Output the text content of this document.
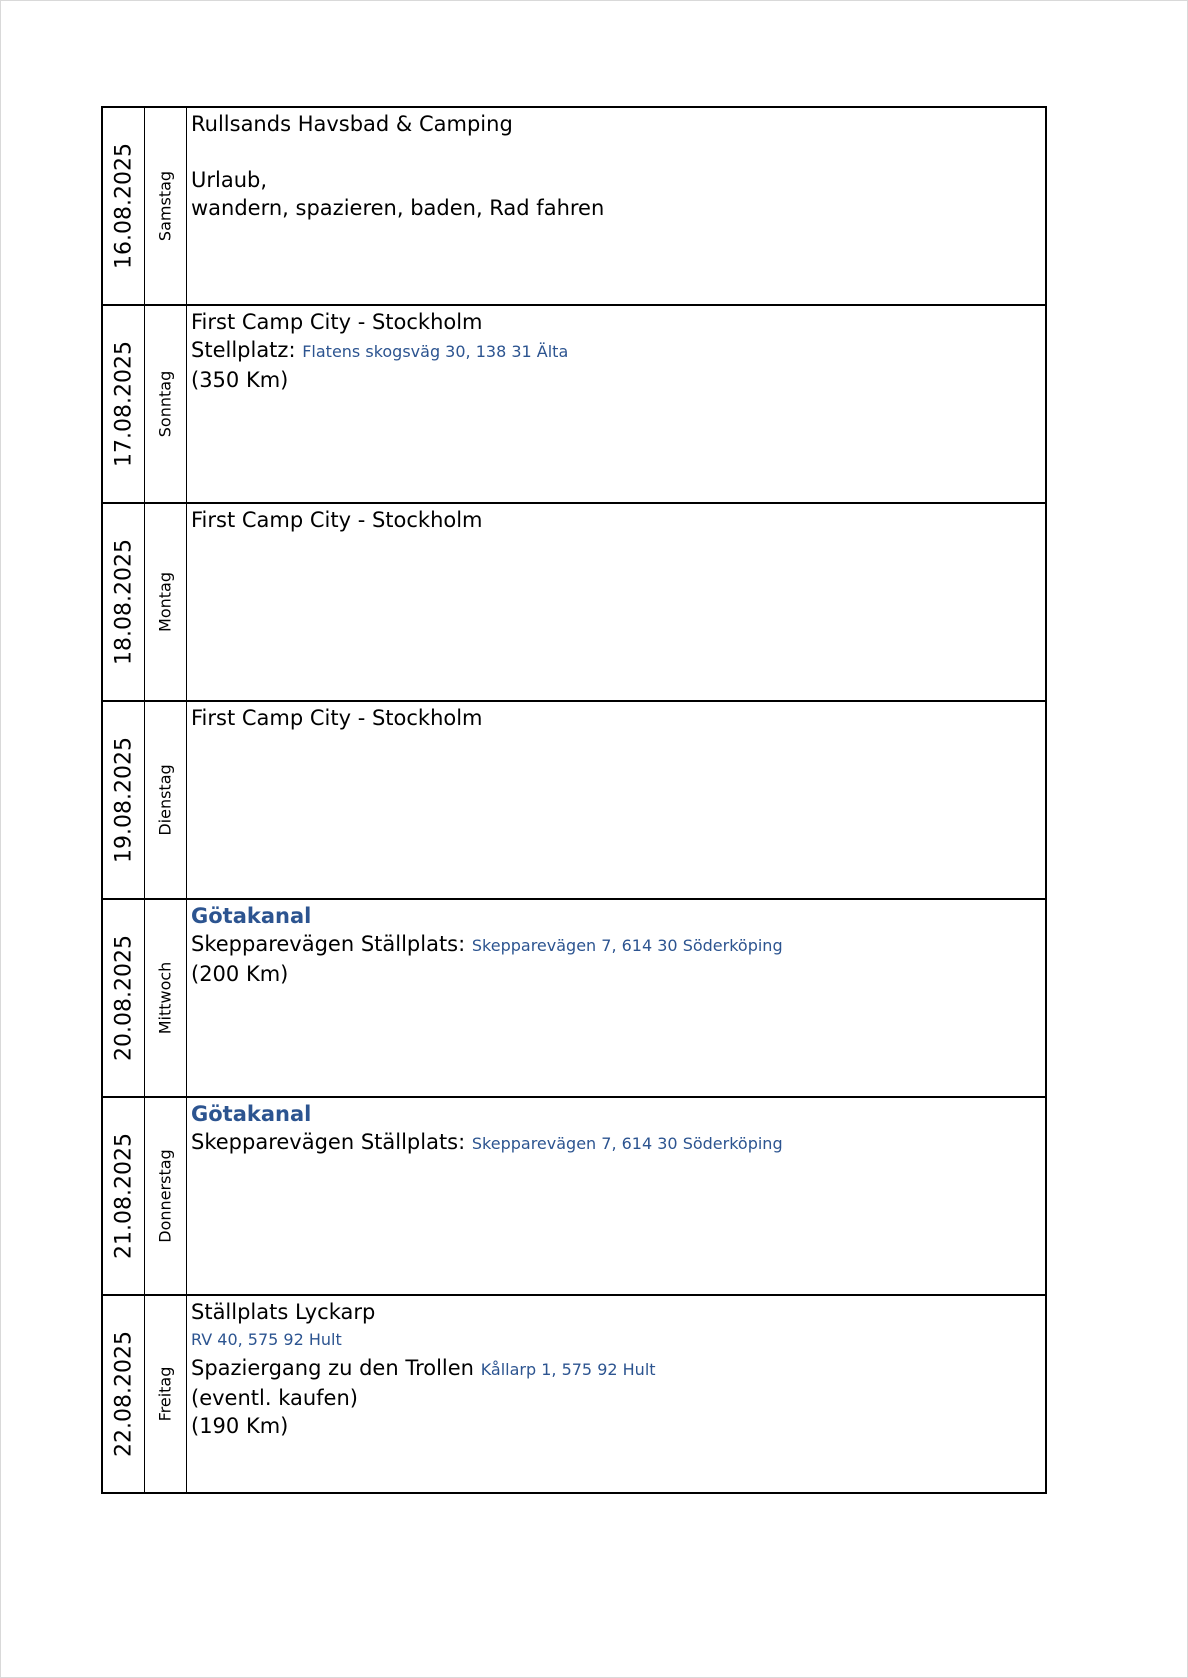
16.08.2025 Samstag
Rullsands Havsbad & Camping
Urlaub,
wandern, spazieren, baden, Rad fahren
17.08.2025 Sonntag
First Camp City - Stockholm
Stellplatz: Flatens skogsväg 30, 138 31 Älta
(350 Km)
18.08.2025 Montag
First Camp City - Stockholm
19.08.2025 Dienstag
First Camp City - Stockholm
20.08.2025 Mittwoch
Götakanal
Skepparevägen Ställplats: Skepparevägen 7, 614 30 Söderköping
(200 Km)
21.08.2025 Donnerstag
Götakanal
Skepparevägen Ställplats: Skepparevägen 7, 614 30 Söderköping
22.08.2025 Freitag
Ställplats Lyckarp
RV 40, 575 92 Hult
Spaziergang zu den Trollen Kållarp 1, 575 92 Hult
(eventl. kaufen)
(190 Km)
